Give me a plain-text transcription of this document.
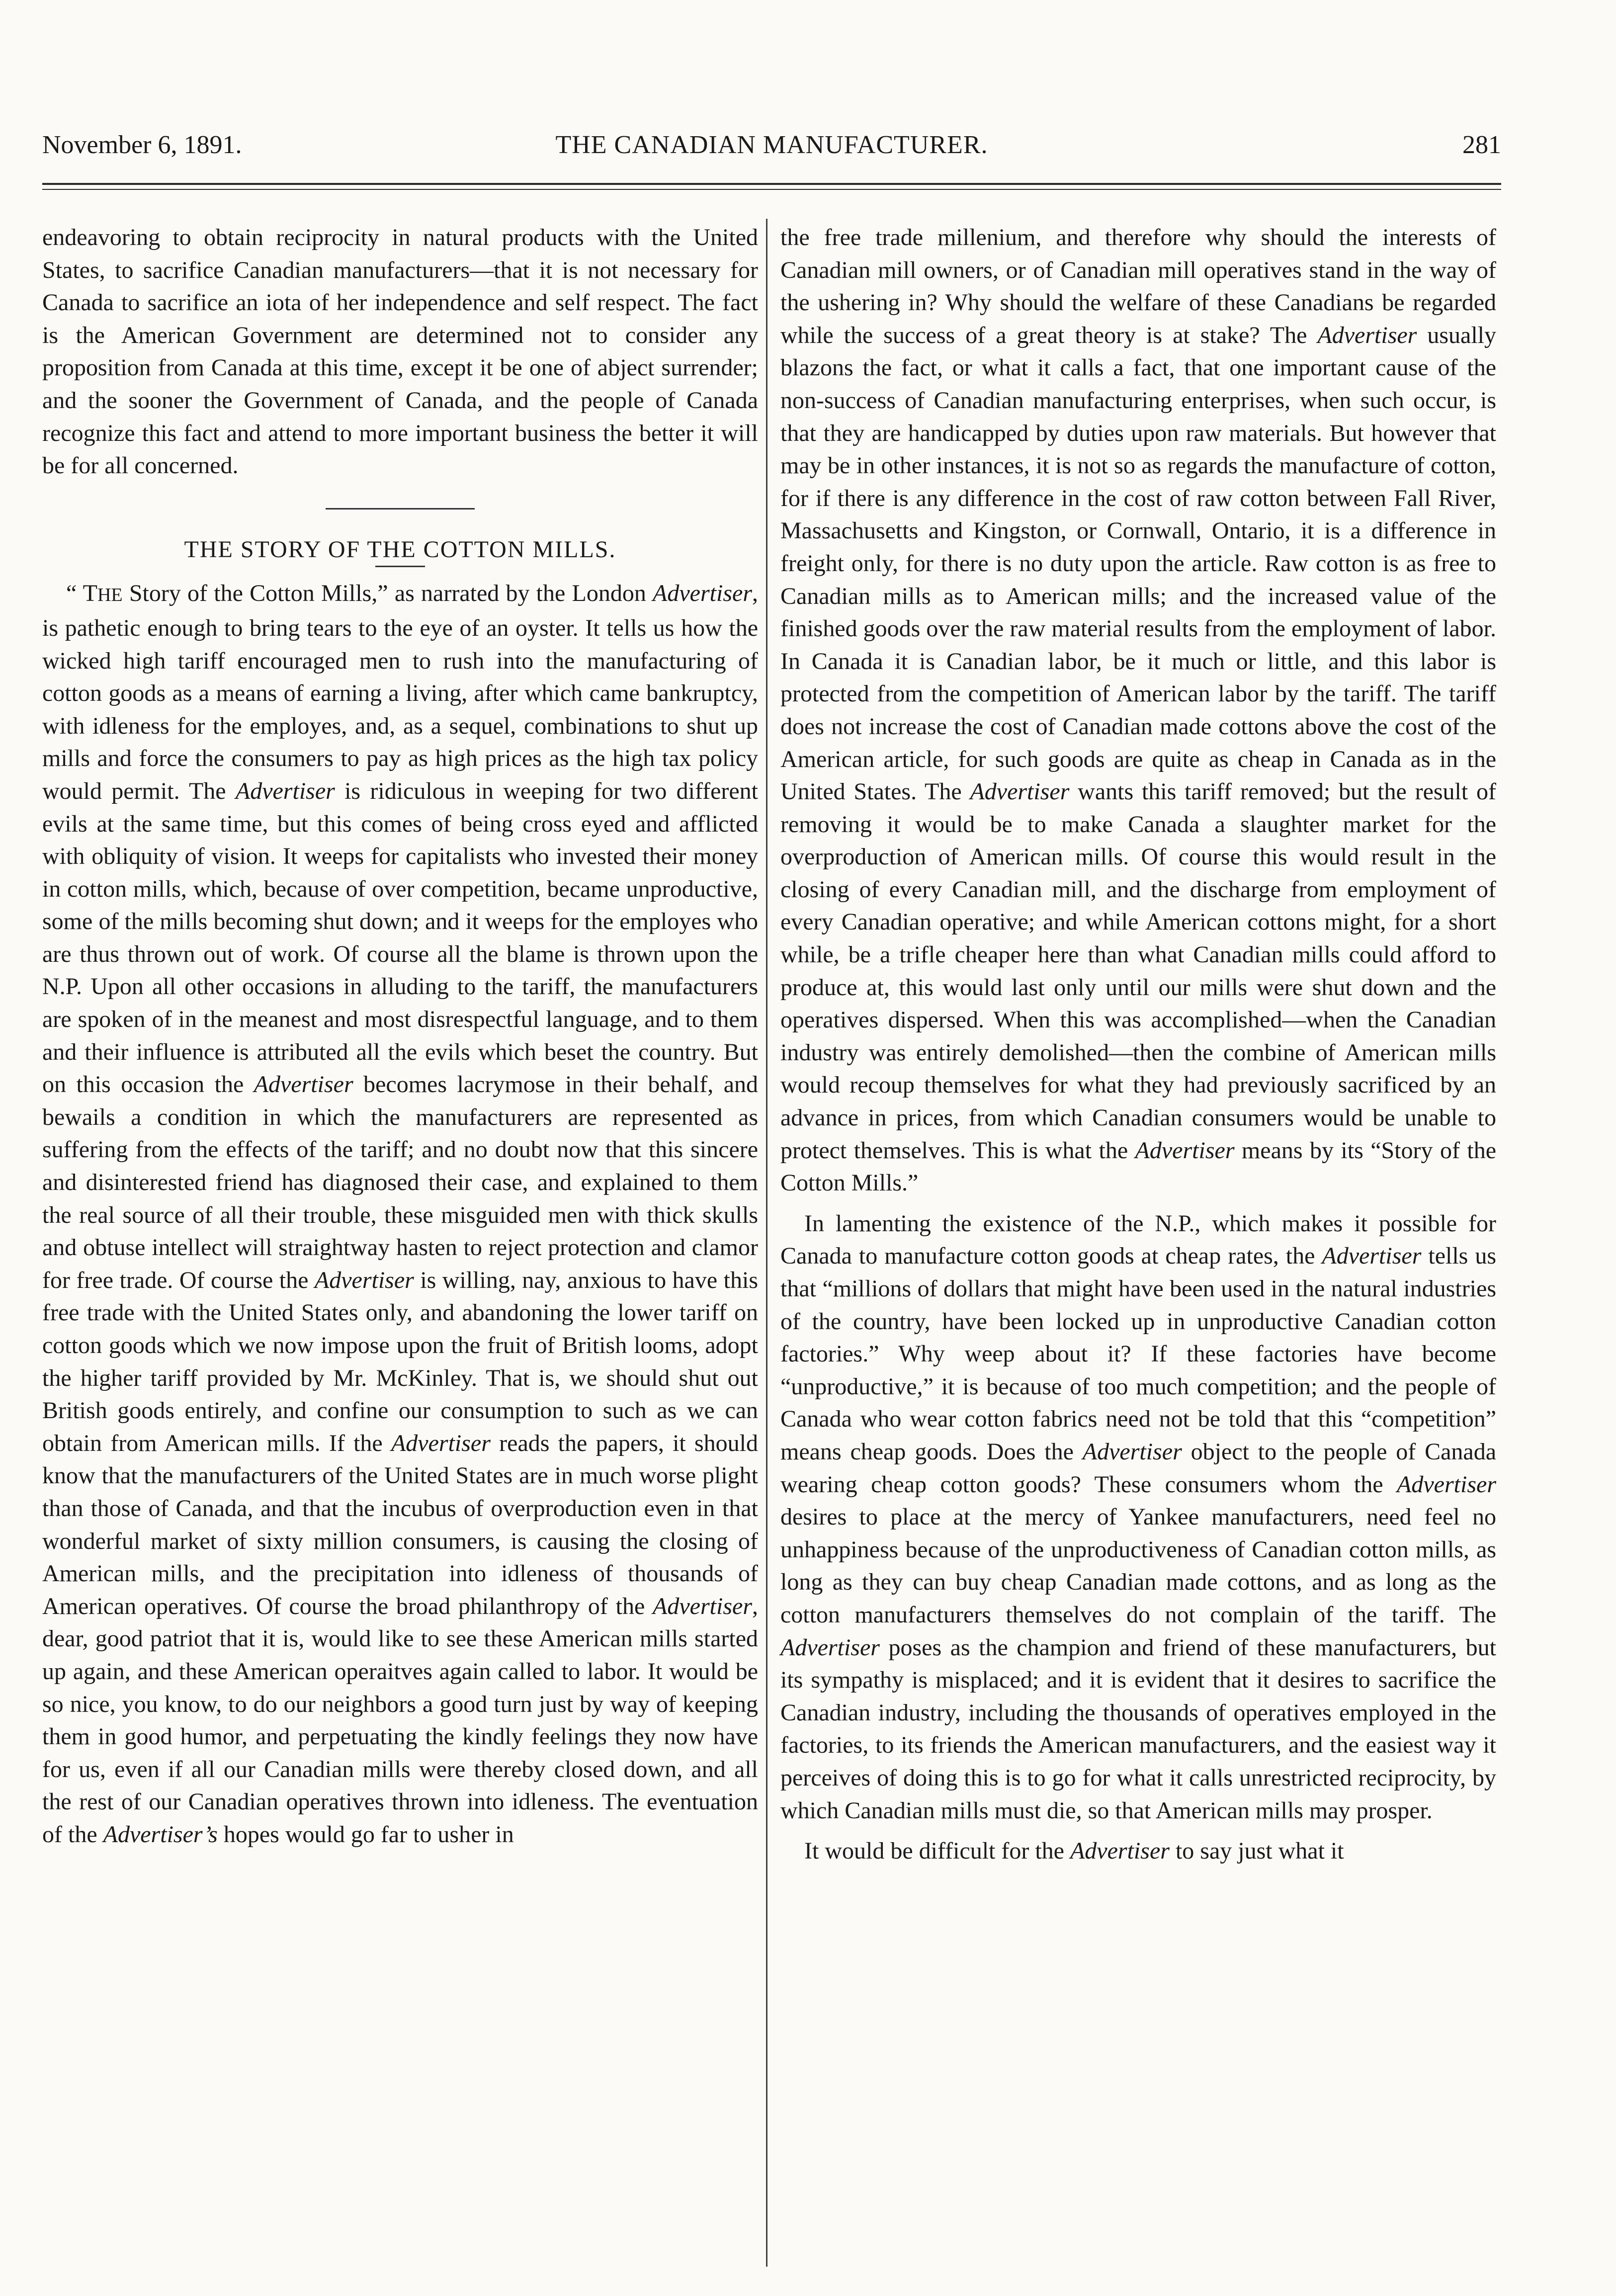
November 6, 1891.	THE CANADIAN MANUFACTURER.	281

endeavoring to obtain reciprocity in natural products with the United States, to sacrifice Canadian manufacturers—that it is not necessary for Canada to sacrifice an iota of her independence and self respect. The fact is the American Government are determined not to consider any proposition from Canada at this time, except it be one of abject surrender; and the sooner the Government of Canada, and the people of Canada recognize this fact and attend to more important business the better it will be for all concerned.

THE STORY OF THE COTTON MILLS.

“ THE Story of the Cotton Mills,” as narrated by the London Advertiser, is pathetic enough to bring tears to the eye of an oyster. It tells us how the wicked high tariff encouraged men to rush into the manufacturing of cotton goods as a means of earning a living, after which came bankruptcy, with idleness for the employes, and, as a sequel, combinations to shut up mills and force the consumers to pay as high prices as the high tax policy would permit. The Advertiser is ridiculous in weeping for two different evils at the same time, but this comes of being cross eyed and afflicted with obliquity of vision. It weeps for capitalists who invested their money in cotton mills, which, because of over competition, became unproductive, some of the mills becoming shut down; and it weeps for the employes who are thus thrown out of work. Of course all the blame is thrown upon the N.P. Upon all other occasions in alluding to the tariff, the manufacturers are spoken of in the meanest and most disrespectful language, and to them and their influence is attributed all the evils which beset the country. But on this occasion the Advertiser becomes lacrymose in their behalf, and bewails a condition in which the manufacturers are represented as suffering from the effects of the tariff; and no doubt now that this sincere and disinterested friend has diagnosed their case, and explained to them the real source of all their trouble, these misguided men with thick skulls and obtuse intellect will straightway hasten to reject protection and clamor for free trade. Of course the Advertiser is willing, nay, anxious to have this free trade with the United States only, and abandoning the lower tariff on cotton goods which we now impose upon the fruit of British looms, adopt the higher tariff provided by Mr. McKinley. That is, we should shut out British goods entirely, and confine our consumption to such as we can obtain from American mills. If the Advertiser reads the papers, it should know that the manufacturers of the United States are in much worse plight than those of Canada, and that the incubus of overproduction even in that wonderful market of sixty million consumers, is causing the closing of American mills, and the precipitation into idleness of thousands of American operatives. Of course the broad philanthropy of the Advertiser, dear, good patriot that it is, would like to see these American mills started up again, and these American operaitves again called to labor. It would be so nice, you know, to do our neighbors a good turn just by way of keeping them in good humor, and perpetuating the kindly feelings they now have for us, even if all our Canadian mills were thereby closed down, and all the rest of our Canadian operatives thrown into idleness. The eventuation of the Advertiser’s hopes would go far to usher in

the free trade millenium, and therefore why should the interests of Canadian mill owners, or of Canadian mill operatives stand in the way of the ushering in? Why should the welfare of these Canadians be regarded while the success of a great theory is at stake? The Advertiser usually blazons the fact, or what it calls a fact, that one important cause of the non-success of Canadian manufacturing enterprises, when such occur, is that they are handicapped by duties upon raw materials. But however that may be in other instances, it is not so as regards the manufacture of cotton, for if there is any difference in the cost of raw cotton between Fall River, Massachusetts and Kingston, or Cornwall, Ontario, it is a difference in freight only, for there is no duty upon the article. Raw cotton is as free to Canadian mills as to American mills; and the increased value of the finished goods over the raw material results from the employment of labor. In Canada it is Canadian labor, be it much or little, and this labor is protected from the competition of American labor by the tariff. The tariff does not increase the cost of Canadian made cottons above the cost of the American article, for such goods are quite as cheap in Canada as in the United States. The Advertiser wants this tariff removed; but the result of removing it would be to make Canada a slaughter market for the overproduction of American mills. Of course this would result in the closing of every Canadian mill, and the discharge from employment of every Canadian operative; and while American cottons might, for a short while, be a trifle cheaper here than what Canadian mills could afford to produce at, this would last only until our mills were shut down and the operatives dispersed. When this was accomplished—when the Canadian industry was entirely demolished—then the combine of American mills would recoup themselves for what they had previously sacrificed by an advance in prices, from which Canadian consumers would be unable to protect themselves. This is what the Advertiser means by its “Story of the Cotton Mills.”

In lamenting the existence of the N.P., which makes it possible for Canada to manufacture cotton goods at cheap rates, the Advertiser tells us that “millions of dollars that might have been used in the natural industries of the country, have been locked up in unproductive Canadian cotton factories.” Why weep about it? If these factories have become “unproductive,” it is because of too much competition; and the people of Canada who wear cotton fabrics need not be told that this “competition” means cheap goods. Does the Advertiser object to the people of Canada wearing cheap cotton goods? These consumers whom the Advertiser desires to place at the mercy of Yankee manufacturers, need feel no unhappiness because of the unproductiveness of Canadian cotton mills, as long as they can buy cheap Canadian made cottons, and as long as the cotton manufacturers themselves do not complain of the tariff. The Advertiser poses as the champion and friend of these manufacturers, but its sympathy is misplaced; and it is evident that it desires to sacrifice the Canadian industry, including the thousands of operatives employed in the factories, to its friends the American manufacturers, and the easiest way it perceives of doing this is to go for what it calls unrestricted reciprocity, by which Canadian mills must die, so that American mills may prosper.

It would be difficult for the Advertiser to say just what it
